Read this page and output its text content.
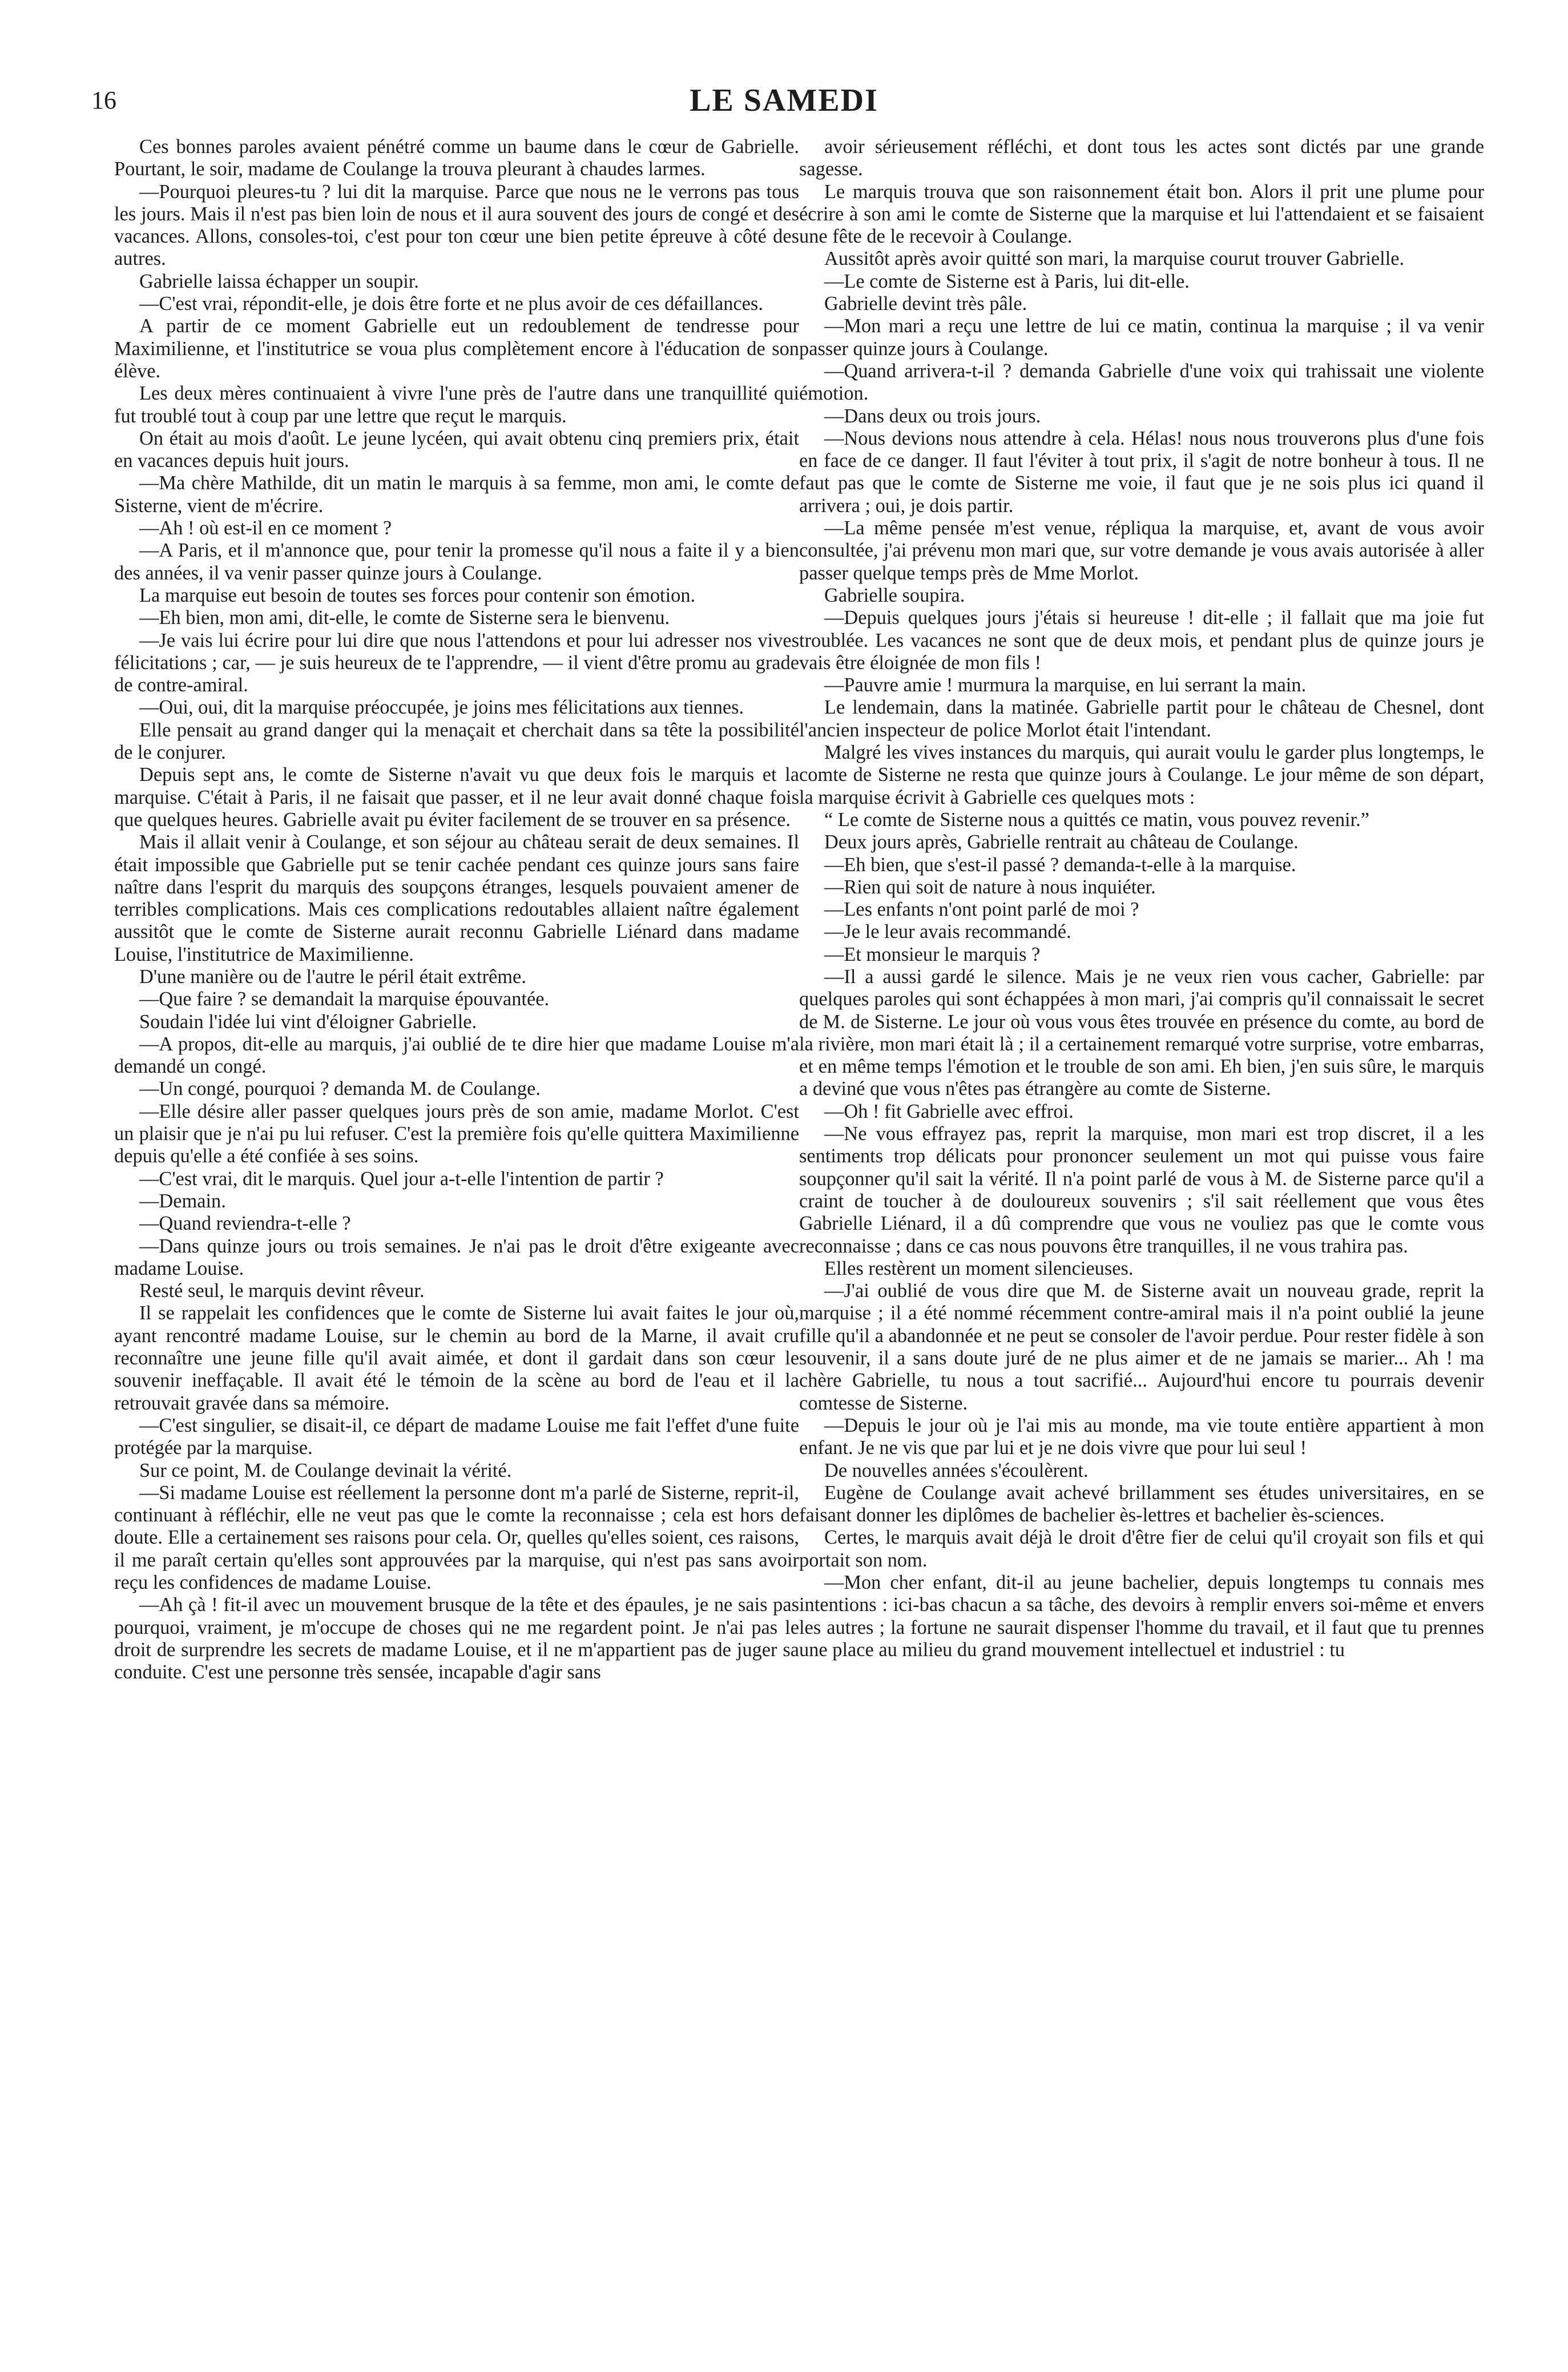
16	LE SAMEDI

Ces bonnes paroles avaient pénétré comme un baume dans le cœur de Gabrielle. Pourtant, le soir, madame de Coulange la trouva pleurant à chaudes larmes.

—Pourquoi pleures-tu ? lui dit la marquise. Parce que nous ne le verrons pas tous les jours. Mais il n'est pas bien loin de nous et il aura souvent des jours de congé et des vacances. Allons, consoles-toi, c'est pour ton cœur une bien petite épreuve à côté des autres.

Gabrielle laissa échapper un soupir.

—C'est vrai, répondit-elle, je dois être forte et ne plus avoir de ces défaillances.

A partir de ce moment Gabrielle eut un redoublement de tendresse pour Maximilienne, et l'institutrice se voua plus complètement encore à l'éducation de son élève.

Les deux mères continuaient à vivre l'une près de l'autre dans une tranquillité qui fut troublé tout à coup par une lettre que reçut le marquis.

On était au mois d'août. Le jeune lycéen, qui avait obtenu cinq premiers prix, était en vacances depuis huit jours.

—Ma chère Mathilde, dit un matin le marquis à sa femme, mon ami, le comte de Sisterne, vient de m'écrire.

—Ah ! où est-il en ce moment ?

—A Paris, et il m'annonce que, pour tenir la promesse qu'il nous a faite il y a bien des années, il va venir passer quinze jours à Coulange.

La marquise eut besoin de toutes ses forces pour contenir son émotion.

—Eh bien, mon ami, dit-elle, le comte de Sisterne sera le bienvenu.

—Je vais lui écrire pour lui dire que nous l'attendons et pour lui adresser nos vives félicitations ; car, — je suis heureux de te l'apprendre, — il vient d'être promu au grade de contre-amiral.

—Oui, oui, dit la marquise préoccupée, je joins mes félicitations aux tiennes.

Elle pensait au grand danger qui la menaçait et cherchait dans sa tête la possibilité de le conjurer.

Depuis sept ans, le comte de Sisterne n'avait vu que deux fois le marquis et la marquise. C'était à Paris, il ne faisait que passer, et il ne leur avait donné chaque fois que quelques heures. Gabrielle avait pu éviter facilement de se trouver en sa présence.

Mais il allait venir à Coulange, et son séjour au château serait de deux semaines. Il était impossible que Gabrielle put se tenir cachée pendant ces quinze jours sans faire naître dans l'esprit du marquis des soupçons étranges, lesquels pouvaient amener de terribles complications. Mais ces complications redoutables allaient naître également aussitôt que le comte de Sisterne aurait reconnu Gabrielle Liénard dans madame Louise, l'institutrice de Maximilienne.

D'une manière ou de l'autre le péril était extrême.

—Que faire ? se demandait la marquise épouvantée.

Soudain l'idée lui vint d'éloigner Gabrielle.

—A propos, dit-elle au marquis, j'ai oublié de te dire hier que madame Louise m'a demandé un congé.

—Un congé, pourquoi ? demanda M. de Coulange.

—Elle désire aller passer quelques jours près de son amie, madame Morlot. C'est un plaisir que je n'ai pu lui refuser. C'est la première fois qu'elle quittera Maximilienne depuis qu'elle a été confiée à ses soins.

—C'est vrai, dit le marquis. Quel jour a-t-elle l'intention de partir ?

—Demain.

—Quand reviendra-t-elle ?

—Dans quinze jours ou trois semaines. Je n'ai pas le droit d'être exigeante avec madame Louise.

Resté seul, le marquis devint rêveur.

Il se rappelait les confidences que le comte de Sisterne lui avait faites le jour où, ayant rencontré madame Louise, sur le chemin au bord de la Marne, il avait cru reconnaître une jeune fille qu'il avait aimée, et dont il gardait dans son cœur le souvenir ineffaçable. Il avait été le témoin de la scène au bord de l'eau et il la retrouvait gravée dans sa mémoire.

—C'est singulier, se disait-il, ce départ de madame Louise me fait l'effet d'une fuite protégée par la marquise.

Sur ce point, M. de Coulange devinait la vérité.

—Si madame Louise est réellement la personne dont m'a parlé de Sisterne, reprit-il, continuant à réfléchir, elle ne veut pas que le comte la reconnaisse ; cela est hors de doute. Elle a certainement ses raisons pour cela. Or, quelles qu'elles soient, ces raisons, il me paraît certain qu'elles sont approuvées par la marquise, qui n'est pas sans avoir reçu les confidences de madame Louise.

—Ah çà ! fit-il avec un mouvement brusque de la tête et des épaules, je ne sais pas pourquoi, vraiment, je m'occupe de choses qui ne me regardent point. Je n'ai pas le droit de surprendre les secrets de madame Louise, et il ne m'appartient pas de juger sa conduite. C'est une personne très sensée, incapable d'agir sans

avoir sérieusement réfléchi, et dont tous les actes sont dictés par une grande sagesse.

Le marquis trouva que son raisonnement était bon. Alors il prit une plume pour écrire à son ami le comte de Sisterne que la marquise et lui l'attendaient et se faisaient une fête de le recevoir à Coulange.

Aussitôt après avoir quitté son mari, la marquise courut trouver Gabrielle.

—Le comte de Sisterne est à Paris, lui dit-elle.

Gabrielle devint très pâle.

—Mon mari a reçu une lettre de lui ce matin, continua la marquise ; il va venir passer quinze jours à Coulange.

—Quand arrivera-t-il ? demanda Gabrielle d'une voix qui trahissait une violente émotion.

—Dans deux ou trois jours.

—Nous devions nous attendre à cela. Hélas! nous nous trouverons plus d'une fois en face de ce danger. Il faut l'éviter à tout prix, il s'agit de notre bonheur à tous. Il ne faut pas que le comte de Sisterne me voie, il faut que je ne sois plus ici quand il arrivera ; oui, je dois partir.

—La même pensée m'est venue, répliqua la marquise, et, avant de vous avoir consultée, j'ai prévenu mon mari que, sur votre demande je vous avais autorisée à aller passer quelque temps près de Mme Morlot.

Gabrielle soupira.

—Depuis quelques jours j'étais si heureuse ! dit-elle ; il fallait que ma joie fut troublée. Les vacances ne sont que de deux mois, et pendant plus de quinze jours je vais être éloignée de mon fils !

—Pauvre amie ! murmura la marquise, en lui serrant la main.

Le lendemain, dans la matinée. Gabrielle partit pour le château de Chesnel, dont l'ancien inspecteur de police Morlot était l'intendant.

Malgré les vives instances du marquis, qui aurait voulu le garder plus longtemps, le comte de Sisterne ne resta que quinze jours à Coulange. Le jour même de son départ, la marquise écrivit à Gabrielle ces quelques mots :

“ Le comte de Sisterne nous a quittés ce matin, vous pouvez revenir.”

Deux jours après, Gabrielle rentrait au château de Coulange.

—Eh bien, que s'est-il passé ? demanda-t-elle à la marquise.

—Rien qui soit de nature à nous inquiéter.

—Les enfants n'ont point parlé de moi ?

—Je le leur avais recommandé.

—Et monsieur le marquis ?

—Il a aussi gardé le silence. Mais je ne veux rien vous cacher, Gabrielle: par quelques paroles qui sont échappées à mon mari, j'ai compris qu'il connaissait le secret de M. de Sisterne. Le jour où vous vous êtes trouvée en présence du comte, au bord de la rivière, mon mari était là ; il a certainement remarqué votre surprise, votre embarras, et en même temps l'émotion et le trouble de son ami. Eh bien, j'en suis sûre, le marquis a deviné que vous n'êtes pas étrangère au comte de Sisterne.

—Oh ! fit Gabrielle avec effroi.

—Ne vous effrayez pas, reprit la marquise, mon mari est trop discret, il a les sentiments trop délicats pour prononcer seulement un mot qui puisse vous faire soupçonner qu'il sait la vérité. Il n'a point parlé de vous à M. de Sisterne parce qu'il a craint de toucher à de douloureux souvenirs ; s'il sait réellement que vous êtes Gabrielle Liénard, il a dû comprendre que vous ne vouliez pas que le comte vous reconnaisse ; dans ce cas nous pouvons être tranquilles, il ne vous trahira pas.

Elles restèrent un moment silencieuses.

—J'ai oublié de vous dire que M. de Sisterne avait un nouveau grade, reprit la marquise ; il a été nommé récemment contre-amiral mais il n'a point oublié la jeune fille qu'il a abandonnée et ne peut se consoler de l'avoir perdue. Pour rester fidèle à son souvenir, il a sans doute juré de ne plus aimer et de ne jamais se marier... Ah ! ma chère Gabrielle, tu nous a tout sacrifié... Aujourd'hui encore tu pourrais devenir comtesse de Sisterne.

—Depuis le jour où je l'ai mis au monde, ma vie toute entière appartient à mon enfant. Je ne vis que par lui et je ne dois vivre que pour lui seul !

De nouvelles années s'écoulèrent.

Eugène de Coulange avait achevé brillamment ses études universitaires, en se faisant donner les diplômes de bachelier ès-lettres et bachelier ès-sciences.

Certes, le marquis avait déjà le droit d'être fier de celui qu'il croyait son fils et qui portait son nom.

—Mon cher enfant, dit-il au jeune bachelier, depuis longtemps tu connais mes intentions : ici-bas chacun a sa tâche, des devoirs à remplir envers soi-même et envers les autres ; la fortune ne saurait dispenser l'homme du travail, et il faut que tu prennes une place au milieu du grand mouvement intellectuel et industriel : tu
